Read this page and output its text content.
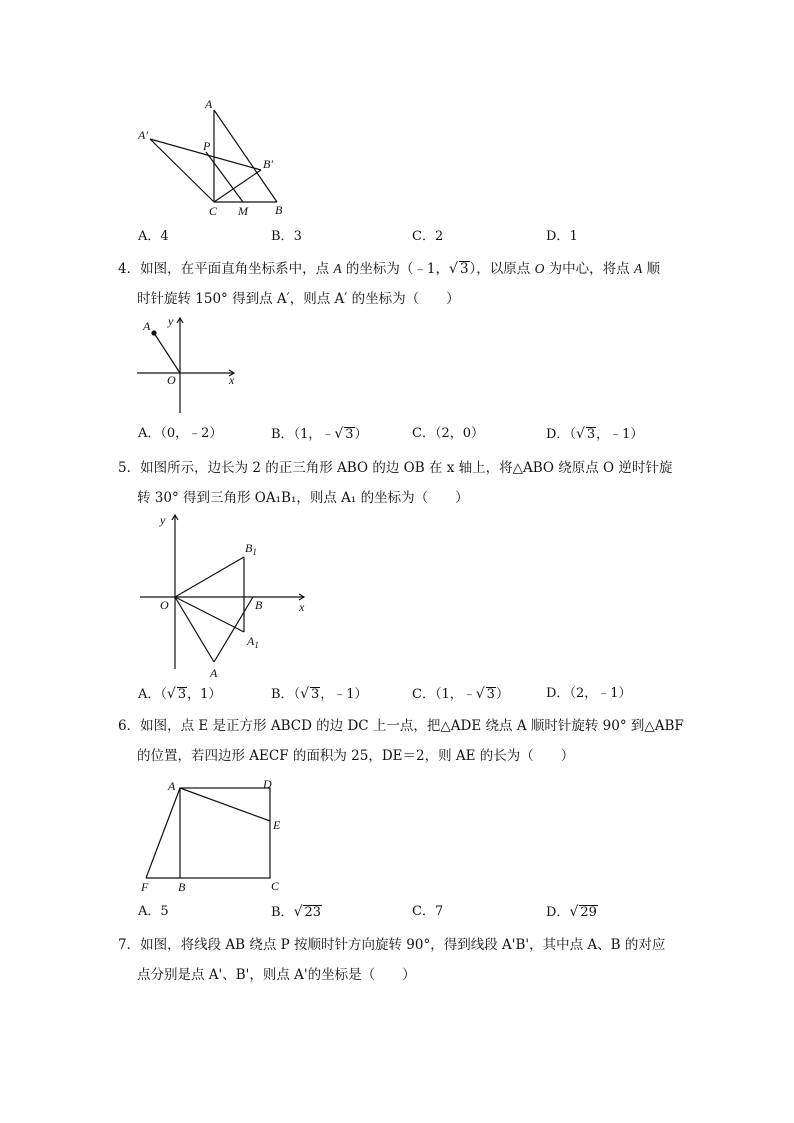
A
A′
P
B′
C M B
A．4	B．3	C．2	D．1

4．如图，在平面直角坐标系中，点 A 的坐标为（﹣1，√ 3），以原点 O 为中心，将点 A 顺

时针旋转 150° 得到点 A′，则点 A′ 的坐标为（　　）

A y
O	x
A．（0，﹣2）	B．（1，﹣√ 3）	C．（2，0）	D．（√ 3，﹣1）

5．如图所示，边长为 2 的正三角形 ABO 的边 OB 在 x 轴上，将△ABO 绕原点 O 逆时针旋

转 30° 得到三角形 OA₁B₁，则点 A₁ 的坐标为（　　）

y
$B_1$
O	B	x
$A_1$
A
A．（√ 3，1）	B．（√ 3，﹣1）	C．（1，﹣√ 3）	D．（2，﹣1）

6．如图，点 E 是正方形 ABCD 的边 DC 上一点，把△ADE 绕点 A 顺时针旋转 90° 到△ABF

的位置，若四边形 AECF 的面积为 25，DE＝2，则 AE 的长为（　　）

A	D
E
F B	C
A．5	B．√ 23	C．7	D．√ 29

7．如图，将线段 AB 绕点 P 按顺时针方向旋转 90°，得到线段 A'B'，其中点 A、B 的对应

点分别是点 A'、B'，则点 A'的坐标是（　　）
